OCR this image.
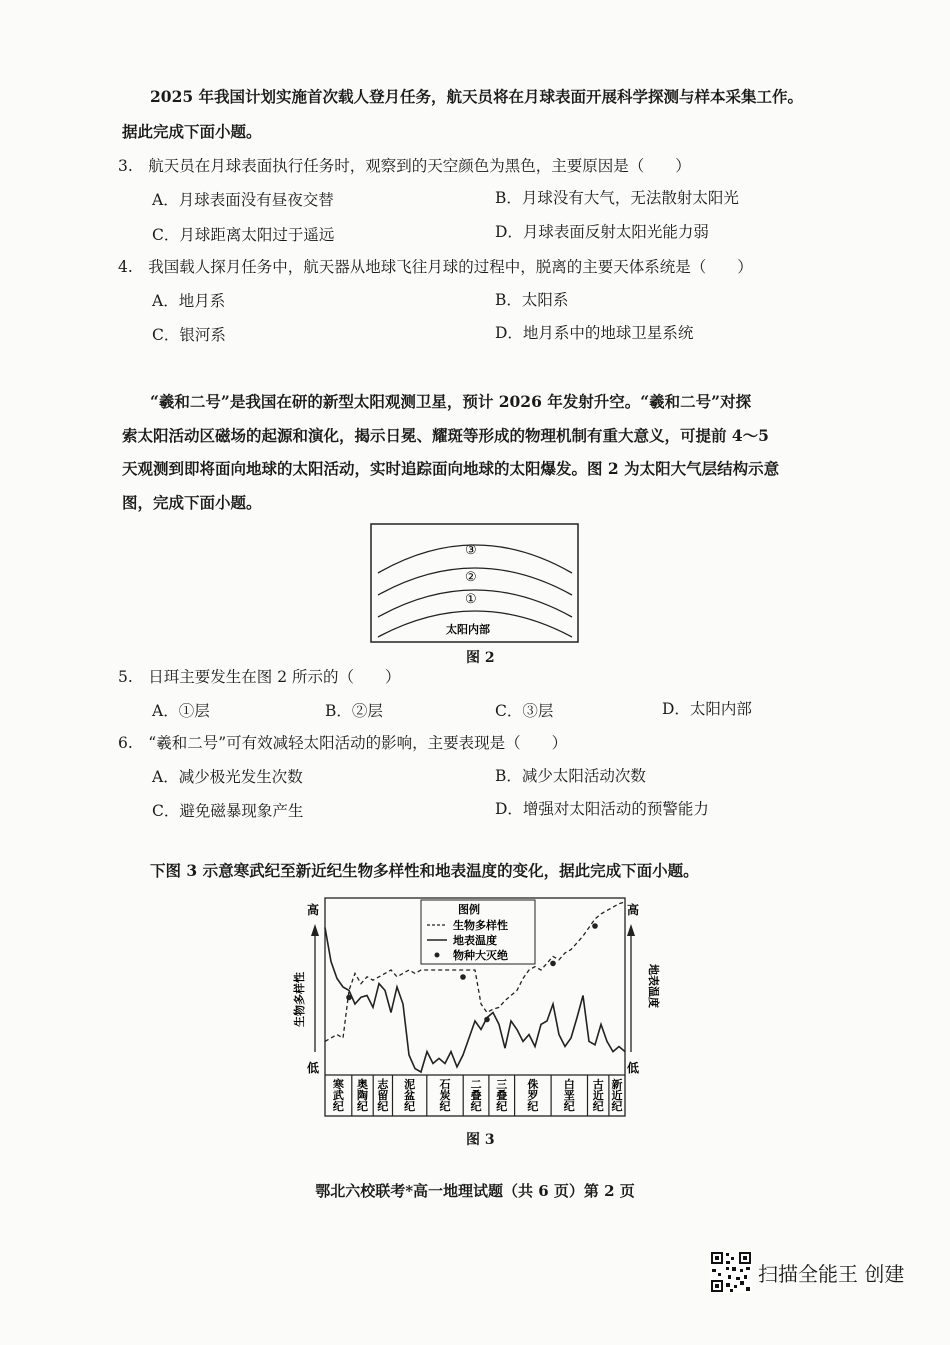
2025 年我国计划实施首次载人登月任务，航天员将在月球表面开展科学探测与样本采集工作。
据此完成下面小题。
3.　航天员在月球表面执行任务时，观察到的天空颜色为黑色，主要原因是（　　）
A．月球表面没有昼夜交替	B．月球没有大气，无法散射太阳光
C．月球距离太阳过于遥远	D．月球表面反射太阳光能力弱
4.　我国载人探月任务中，航天器从地球飞往月球的过程中，脱离的主要天体系统是（　　）
A．地月系	B．太阳系
C．银河系	D．地月系中的地球卫星系统
“羲和二号”是我国在研的新型太阳观测卫星，预计 2026 年发射升空。“羲和二号”对探
索太阳活动区磁场的起源和演化，揭示日冕、耀斑等形成的物理机制有重大意义，可提前 4～5
天观测到即将面向地球的太阳活动，实时追踪面向地球的太阳爆发。图 2 为太阳大气层结构示意
图，完成下面小题。
③
②
①
太阳内部
图 2
5.　日珥主要发生在图 2 所示的（　　）
A．①层	B．②层	C．③层	D．太阳内部
6.　“羲和二号”可有效减轻太阳活动的影响，主要表现是（　　）
A．减少极光发生次数	B．减少太阳活动次数
C．避免磁暴现象产生	D．增强对太阳活动的预警能力
下图 3 示意寒武纪至新近纪生物多样性和地表温度的变化，据此完成下面小题。
高
低
高
低
生物多样性	地表温度
图例
生物多样性
地表温度
物种大灭绝
寒武纪
奥陶纪
志留纪
泥盆纪
石炭纪
二叠纪
三叠纪
侏罗纪
白垩纪
古近纪
新近纪
图 3
鄂北六校联考*高一地理试题（共 6 页）第 2 页
扫描全能王 创建
